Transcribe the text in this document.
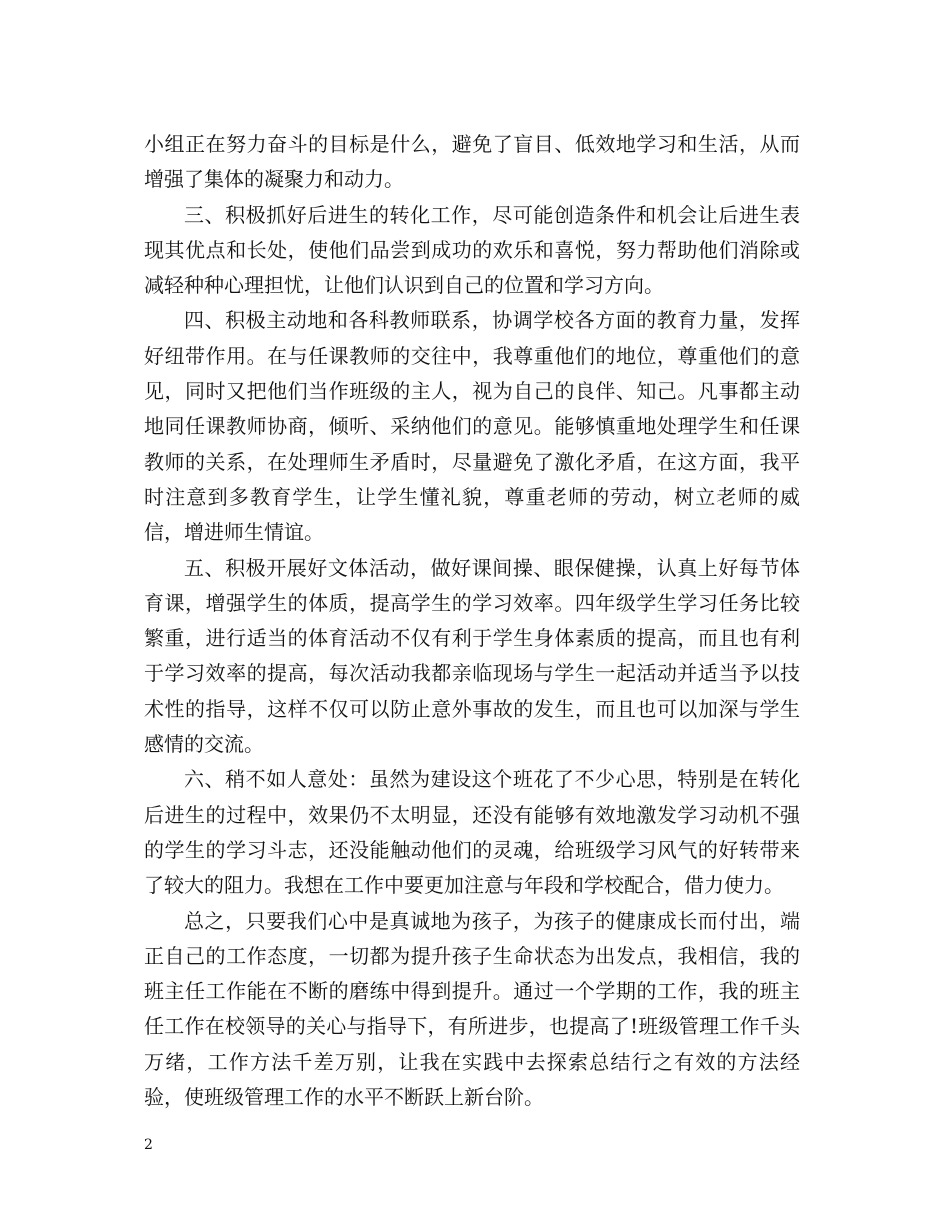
小组正在努力奋斗的目标是什么，避免了盲目、低效地学习和生活，从而增强了集体的凝聚力和动力。

三、积极抓好后进生的转化工作，尽可能创造条件和机会让后进生表现其优点和长处，使他们品尝到成功的欢乐和喜悦，努力帮助他们消除或减轻种种心理担忧，让他们认识到自己的位置和学习方向。

四、积极主动地和各科教师联系，协调学校各方面的教育力量，发挥好纽带作用。在与任课教师的交往中，我尊重他们的地位，尊重他们的意见，同时又把他们当作班级的主人，视为自己的良伴、知己。凡事都主动地同任课教师协商，倾听、采纳他们的意见。能够慎重地处理学生和任课教师的关系，在处理师生矛盾时，尽量避免了激化矛盾，在这方面，我平时注意到多教育学生，让学生懂礼貌，尊重老师的劳动，树立老师的威信，增进师生情谊。

五、积极开展好文体活动，做好课间操、眼保健操，认真上好每节体育课，增强学生的体质，提高学生的学习效率。四年级学生学习任务比较繁重，进行适当的体育活动不仅有利于学生身体素质的提高，而且也有利于学习效率的提高，每次活动我都亲临现场与学生一起活动并适当予以技术性的指导，这样不仅可以防止意外事故的发生，而且也可以加深与学生感情的交流。

六、稍不如人意处：虽然为建设这个班花了不少心思，特别是在转化后进生的过程中，效果仍不太明显，还没有能够有效地激发学习动机不强的学生的学习斗志，还没能触动他们的灵魂，给班级学习风气的好转带来了较大的阻力。我想在工作中要更加注意与年段和学校配合，借力使力。

总之，只要我们心中是真诚地为孩子，为孩子的健康成长而付出，端正自己的工作态度，一切都为提升孩子生命状态为出发点，我相信，我的班主任工作能在不断的磨练中得到提升。通过一个学期的工作，我的班主任工作在校领导的关心与指导下，有所进步，也提高了!班级管理工作千头万绪，工作方法千差万别，让我在实践中去探索总结行之有效的方法经验，使班级管理工作的水平不断跃上新台阶。

2
